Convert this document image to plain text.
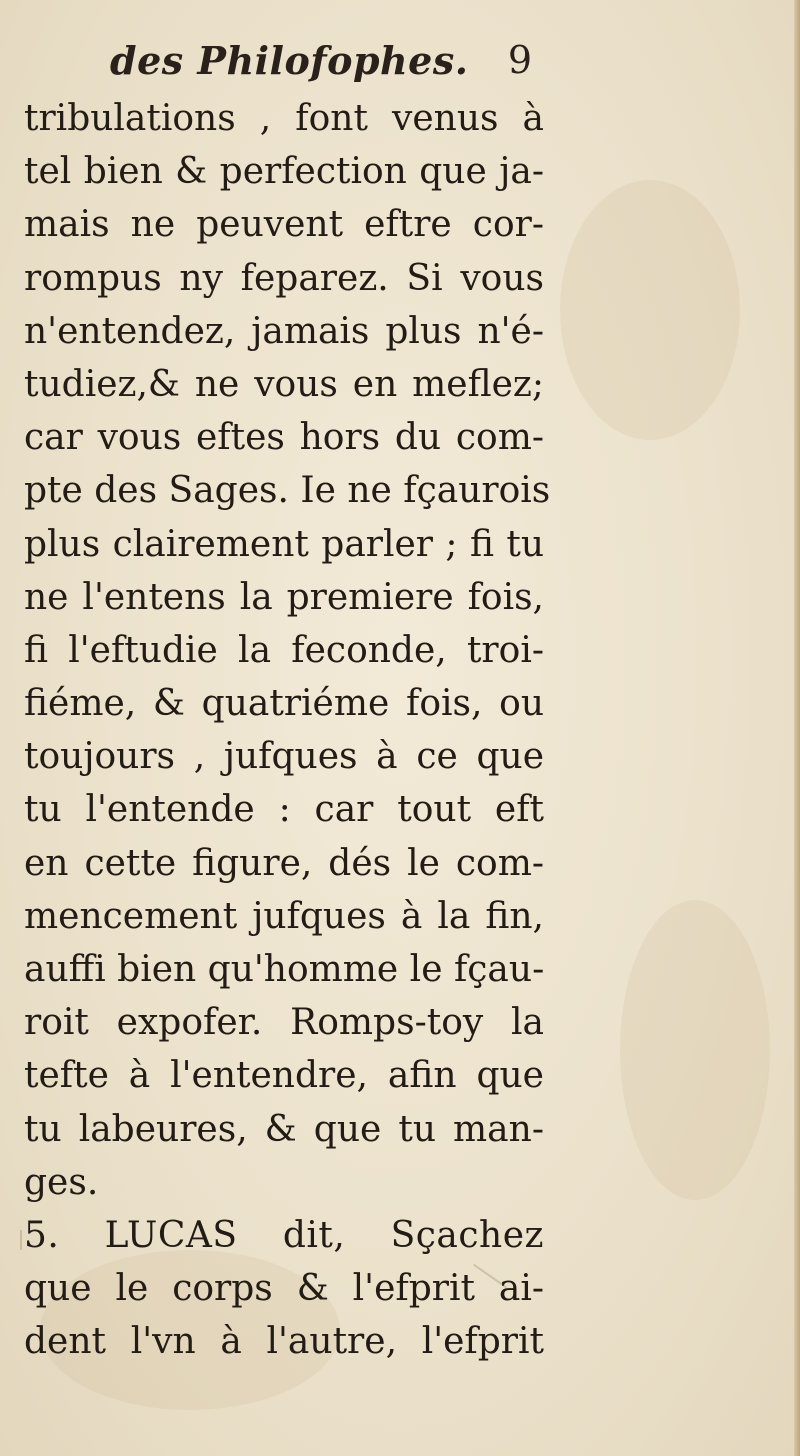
des Philofophes. 9
tribulations , font venus à
tel bien & perfection que ja-
mais ne peuvent eftre cor-
rompus ny feparez. Si vous
n'entendez, jamais plus n'é-
tudiez,& ne vous en meflez;
car vous eftes hors du com-
pte des Sages. Ie ne fçaurois
plus clairement parler ; fi tu
ne l'entens la premiere fois,
fi l'eftudie la feconde, troi-
fiéme, & quatriéme fois, ou
toujours , jufques à ce que
tu l'entende : car tout eft
en cette figure, dés le com-
mencement jufques à la fin,
auffi bien qu'homme le fçau-
roit expofer. Romps-toy la
tefte à l'entendre, afin que
tu labeures, & que tu man-
ges.
5. LUCAS dit, Sçachez
que le corps & l'efprit ai-
dent l'vn à l'autre, l'efprit
